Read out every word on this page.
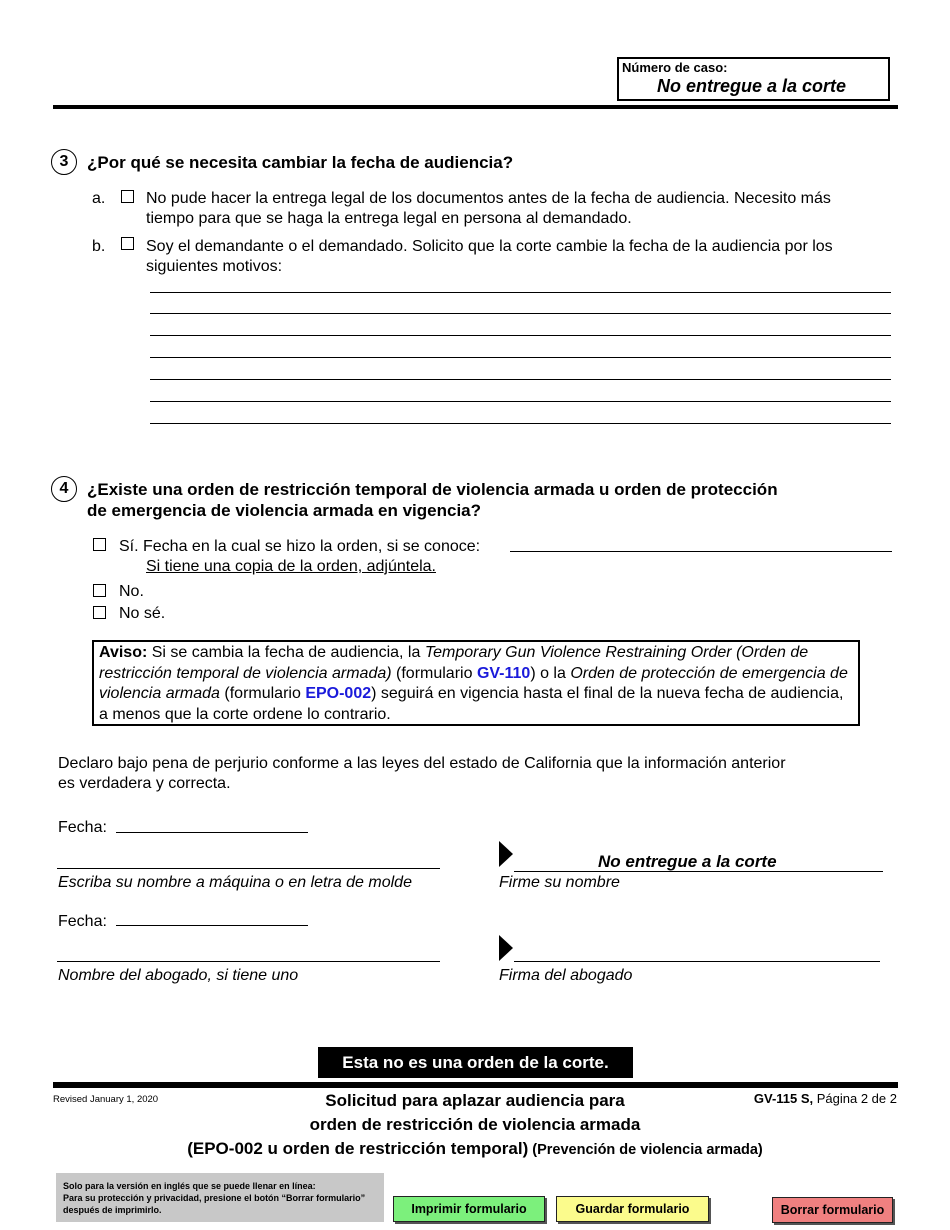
Número de caso:
No entregue a la corte
3	¿Por qué se necesita cambiar la fecha de audiencia?
a.	No pude hacer la entrega legal de los documentos antes de la fecha de audiencia. Necesito más
tiempo para que se haga la entrega legal en persona al demandado.
b.	Soy el demandante o el demandado. Solicito que la corte cambie la fecha de la audiencia por los
siguientes motivos:
4	¿Existe una orden de restricción temporal de violencia armada u orden de protección
de emergencia de violencia armada en vigencia?
Sí. Fecha en la cual se hizo la orden, si se conoce:
Si tiene una copia de la orden, adjúntela.
No.
No sé.
Aviso: Si se cambia la fecha de audiencia, la Temporary Gun Violence Restraining Order (Orden de restricción temporal de violencia armada) (formulario GV-110) o la Orden de protección de emergencia de violencia armada (formulario EPO-002) seguirá en vigencia hasta el final de la nueva fecha de audiencia, a menos que la corte ordene lo contrario.
Declaro bajo pena de perjurio conforme a las leyes del estado de California que la información anterior
es verdadera y correcta.
Fecha:
Escriba su nombre a máquina o en letra de molde
No entregue a la corte
Firme su nombre
Fecha:
Nombre del abogado, si tiene uno	Firma del abogado
Esta no es una orden de la corte.
Revised January 1, 2020	GV-115 S, Página 2 de 2
Solicitud para aplazar audiencia para
orden de restricción de violencia armada
(EPO-002 u orden de restricción temporal) (Prevención de violencia armada)
Solo para la versión en inglés que se puede llenar en línea:
Para su protección y privacidad, presione el botón “Borrar formulario”
después de imprimirlo.	Imprimir formulario	Guardar formulario	Borrar formulario
